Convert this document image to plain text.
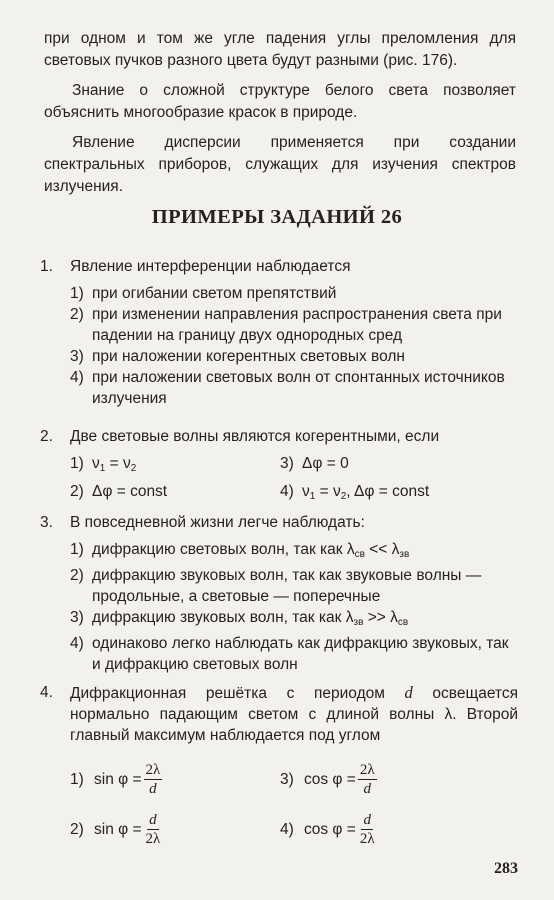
при одном и том же угле падения углы преломления для световых пучков разного цвета будут разными (рис. 176).

Знание о сложной структуре белого света позволяет объяснить многообразие красок в природе.

Явление дисперсии применяется при создании спектральных приборов, служащих для изучения спектров излучения.

ПРИМЕРЫ ЗАДАНИЙ 26
1.	Явление интерференции наблюдается
1) при огибании светом препятствий
2) при изменении направления распространения света при падении на границу двух однородных сред
3) при наложении когерентных световых волн
4) при наложении световых волн от спонтанных источников излучения
2.	Две световые волны являются когерентными, если
1) $\nu_1 = \nu_2$	3) Δφ = 0
2) Δφ = const	4) $\nu_1 = \nu_2$, Δφ = const
3.	В повседневной жизни легче наблюдать:
1) дифракцию световых волн, так как $\lambda_{св} << \lambda_{зв}$
2) дифракцию звуковых волн, так как звуковые волны — продольные, а световые — поперечные
3) дифракцию звуковых волн, так как $\lambda_{зв} >> \lambda_{св}$
4) одинаково легко наблюдать как дифракцию звуковых, так и дифракцию световых волн
4.	Дифракционная решётка с периодом d освещается нормально падающим светом с длиной волны λ. Второй главный максимум наблюдается под углом
1) $\sin \varphi = \frac{2\lambda}{d}$	3) $\cos \varphi = \frac{2\lambda}{d}$
2) $\sin \varphi = \frac{d}{2\lambda}$	4) $\cos \varphi = \frac{d}{2\lambda}$
283
